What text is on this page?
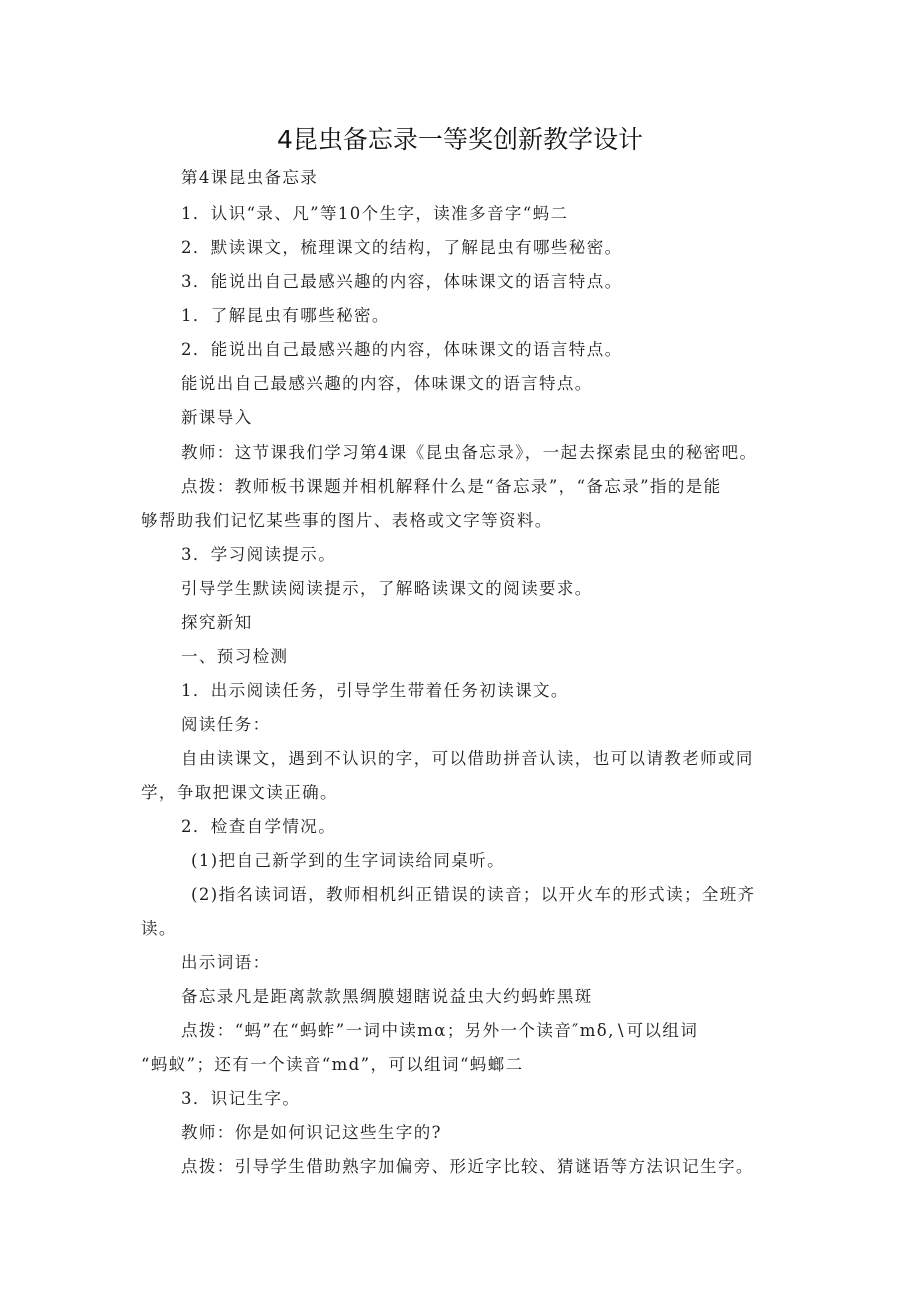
4昆虫备忘录一等奖创新教学设计
第4课昆虫备忘录
1．认识“录、凡”等10个生字，读准多音字“蚂二
2．默读课文，梳理课文的结构，了解昆虫有哪些秘密。
3．能说出自己最感兴趣的内容，体味课文的语言特点。
1．了解昆虫有哪些秘密。
2．能说出自己最感兴趣的内容，体味课文的语言特点。
能说出自己最感兴趣的内容，体味课文的语言特点。
新课导入
教师：这节课我们学习第4课《昆虫备忘录》，一起去探索昆虫的秘密吧。
点拨：教师板书课题并相机解释什么是“备忘录”，“备忘录”指的是能
够帮助我们记忆某些事的图片、表格或文字等资料。
3．学习阅读提示。
引导学生默读阅读提示，了解略读课文的阅读要求。
探究新知
一、预习检测
1．出示阅读任务，引导学生带着任务初读课文。
阅读任务：
自由读课文，遇到不认识的字，可以借助拼音认读，也可以请教老师或同
学，争取把课文读正确。
2．检查自学情况。
(1)把自己新学到的生字词读给同桌听。
(2)指名读词语，教师相机纠正错误的读音；以开火车的形式读；全班齐
读。
出示词语：
备忘录凡是距离款款黑绸膜翅瞎说益虫大约蚂蚱黑斑
点拨：“蚂”在“蚂蚱”一词中读mα；另外一个读音″mδ,∖可以组词
“蚂蚁”；还有一个读音“md”，可以组词“蚂螂二
3．识记生字。
教师：你是如何识记这些生字的?
点拨：引导学生借助熟字加偏旁、形近字比较、猜谜语等方法识记生字。
